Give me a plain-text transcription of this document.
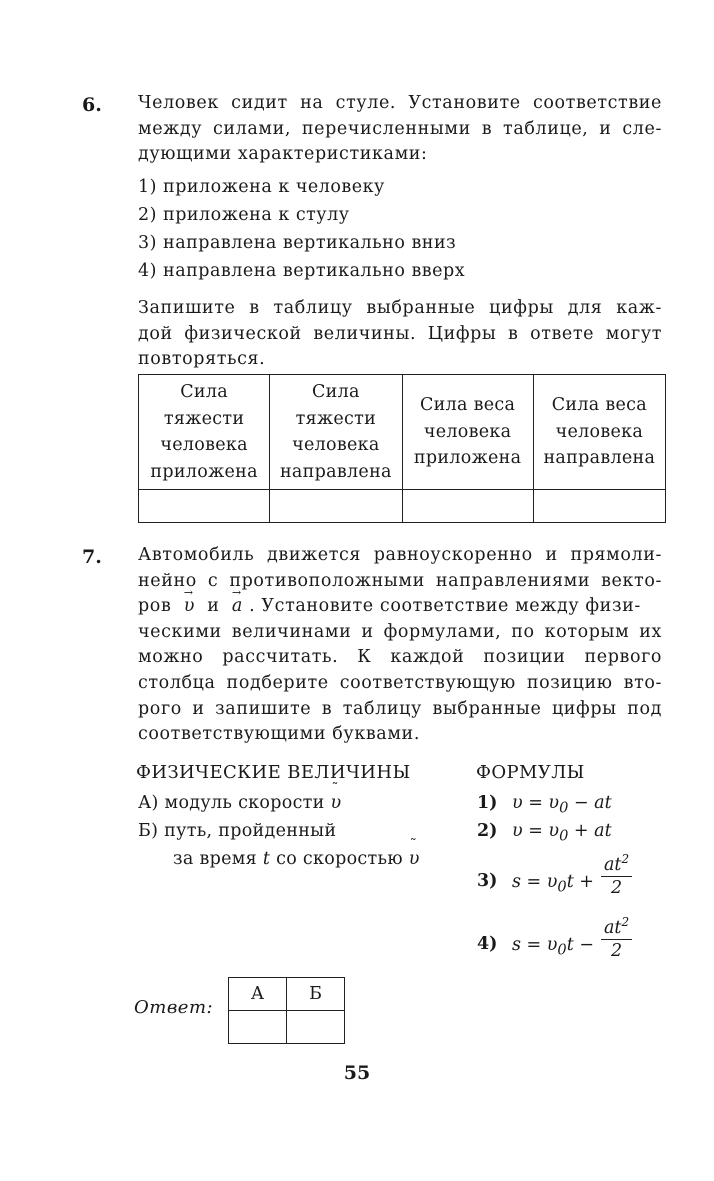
6. Человек сидит на стуле. Установите соответствие
между силами, перечисленными в таблице, и сле-
дующими характеристиками:
1) приложена к человеку
2) приложена к стулу
3) направлена вертикально вниз
4) направлена вертикально вверх
Запишите в таблицу выбранные цифры для каж-
дой физической величины. Цифры в ответе могут
повторяться.
Сила тяжести человека приложена	Сила тяжести человека направлена	Сила веса человека приложена	Сила веса человека направлена

7. Автомобиль движется равноускоренно и прямоли-
нейно с противоположными направлениями векто-
ров → υ и → a . Установите соответствие между физи-
ческими величинами и формулами, по которым их
можно рассчитать. К каждой позиции первого
столбца подберите соответствующую позицию вто-
рого и запишите в таблицу выбранные цифры под
соответствующими буквами.
ФИЗИЧЕСКИЕ ВЕЛИЧИНЫ	ФОРМУЛЫ
А) модуль скорости ˜ υ
Б) путь, пройденный
за время t со скоростью ˜ υ
1) $\upsilon = \upsilon_0$ − at
2) $\upsilon = \upsilon_0$ + at
3) $s = \upsilon_0t + \frac{at^2}{2}$
4) $s = \upsilon_0t - \frac{at^2}{2}$
Ответ:
А	Б

55
